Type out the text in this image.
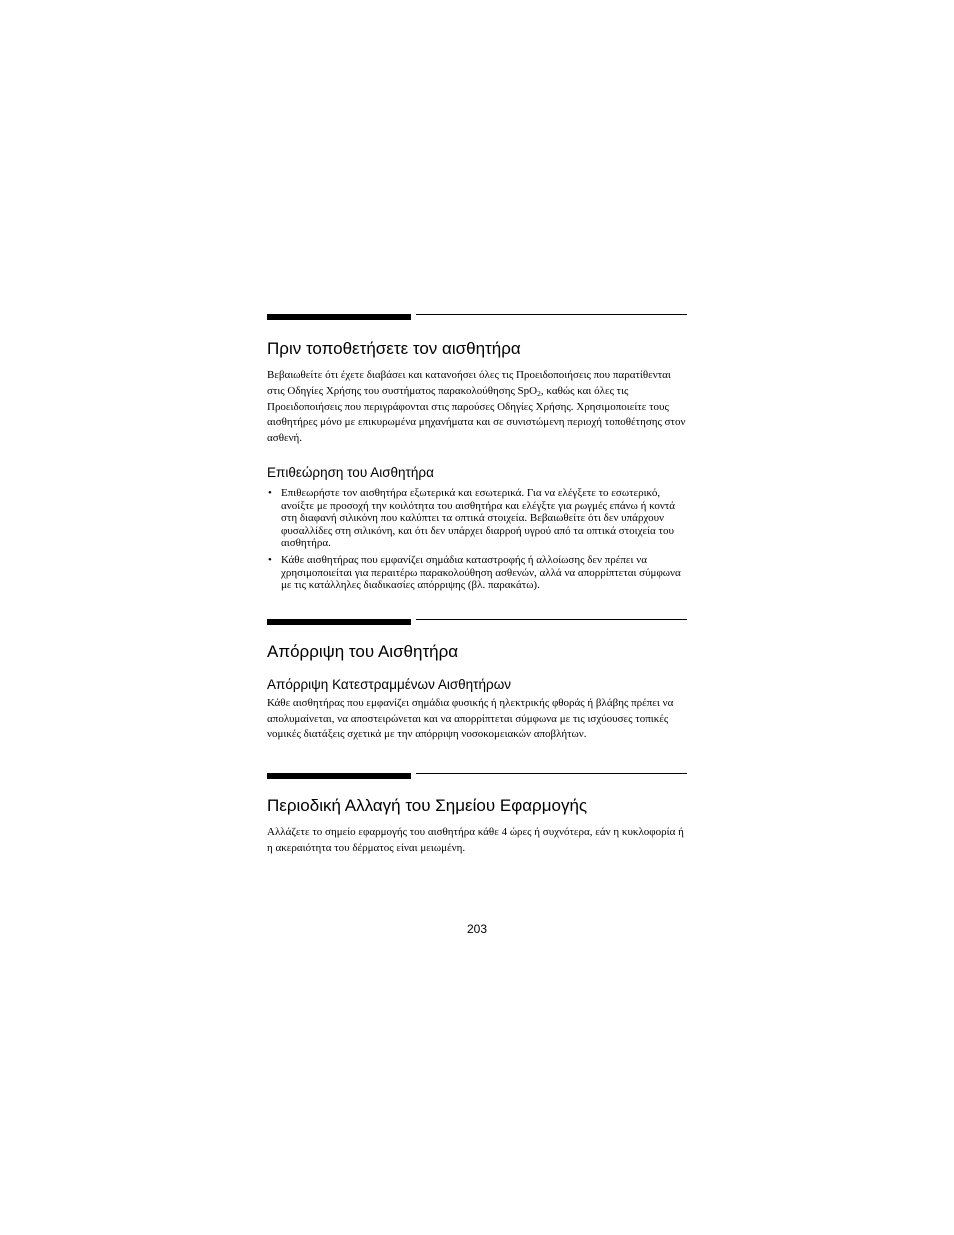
Πριν τοποθετήσετε τον αισθητήρα

Βεβαιωθείτε ότι έχετε διαβάσει και κατανοήσει όλες τις Προειδοποιήσεις που παρατίθενται στις Οδηγίες Χρήσης του συστήματος παρακολούθησης SpO$_2$, καθώς και όλες τις Προειδοποιήσεις που περιγράφονται στις παρούσες Οδηγίες Χρήσης. Χρησιμοποιείτε τους αισθητήρες μόνο με επικυρωμένα μηχανήματα και σε συνιστώμενη περιοχή τοποθέτησης στον ασθενή.

Επιθεώρηση του Αισθητήρα
• Επιθεωρήστε τον αισθητήρα εξωτερικά και εσωτερικά. Για να ελέγξετε το εσωτερικό, ανοίξτε με προσοχή την κοιλότητα του αισθητήρα και ελέγξτε για ρωγμές επάνω ή κοντά στη διαφανή σιλικόνη που καλύπτει τα οπτικά στοιχεία. Βεβαιωθείτε ότι δεν υπάρχουν φυσαλλίδες στη σιλικόνη, και ότι δεν υπάρχει διαρροή υγρού από τα οπτικά στοιχεία του αισθητήρα.
• Κάθε αισθητήρας που εμφανίζει σημάδια καταστροφής ή αλλοίωσης δεν πρέπει να χρησιμοποιείται για περαιτέρω παρακολούθηση ασθενών, αλλά να απορρίπτεται σύμφωνα με τις κατάλληλες διαδικασίες απόρριψης (βλ. παρακάτω).
Απόρριψη του Αισθητήρα
Απόρριψη Κατεστραμμένων Αισθητήρων

Κάθε αισθητήρας που εμφανίζει σημάδια φυσικής ή ηλεκτρικής φθοράς ή βλάβης πρέπει να απολυμαίνεται, να αποστειρώνεται και να απορρίπτεται σύμφωνα με τις ισχύουσες τοπικές νομικές διατάξεις σχετικά με την απόρριψη νοσοκομειακών αποβλήτων.

Περιοδική Αλλαγή του Σημείου Εφαρμογής

Αλλάζετε το σημείο εφαρμογής του αισθητήρα κάθε 4 ώρες ή συχνότερα, εάν η κυκλοφορία ή η ακεραιότητα του δέρματος είναι μειωμένη.

203
